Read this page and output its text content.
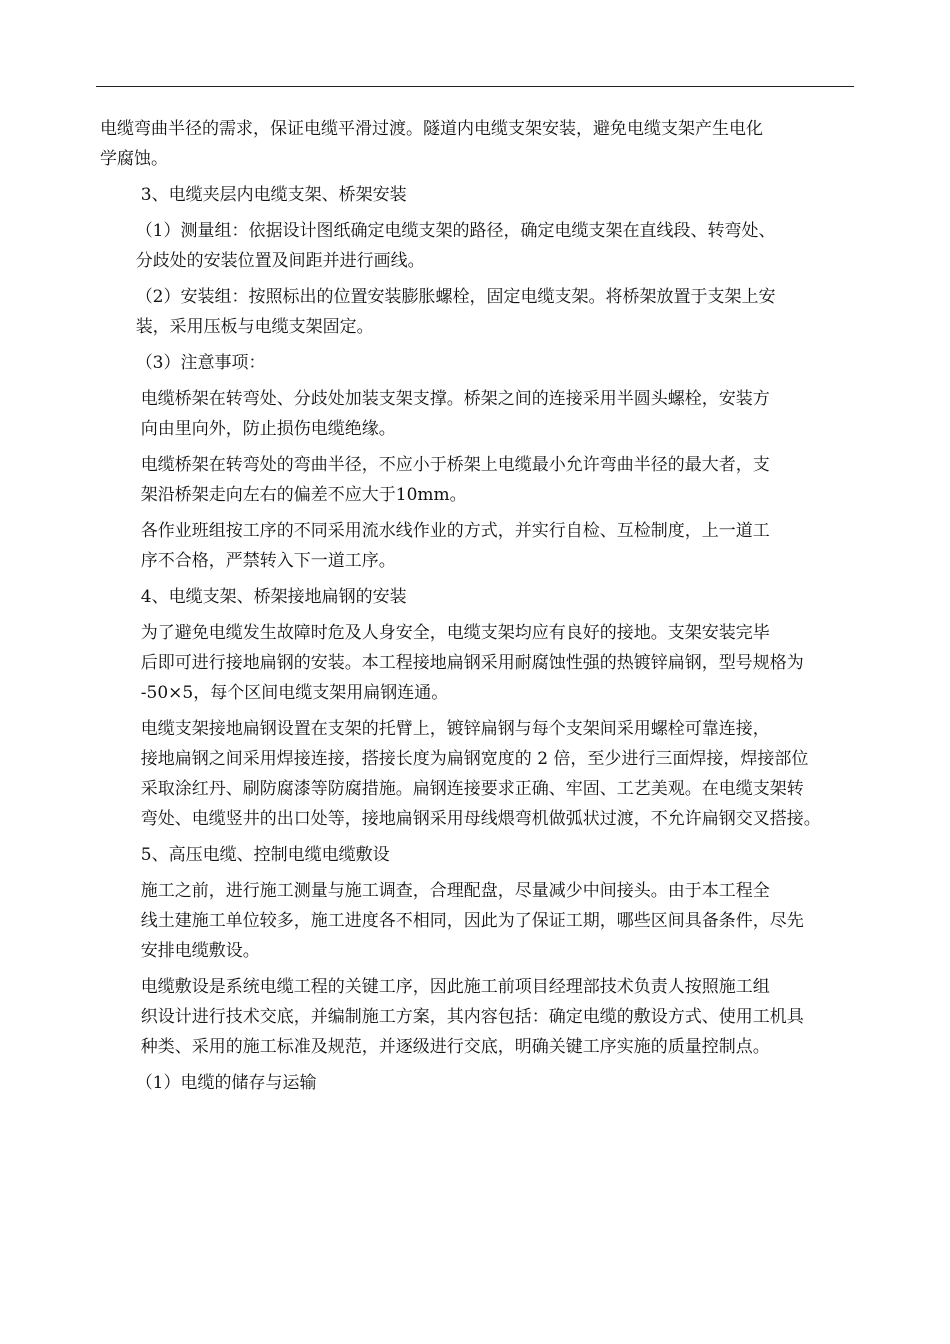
电缆弯曲半径的需求，保证电缆平滑过渡。隧道内电缆支架安装，避免电缆支架产生电化
学腐蚀。

3、电缆夹层内电缆支架、桥架安装

（1）测量组：依据设计图纸确定电缆支架的路径，确定电缆支架在直线段、转弯处、
分歧处的安装位置及间距并进行画线。

（2）安装组：按照标出的位置安装膨胀螺栓，固定电缆支架。将桥架放置于支架上安
装，采用压板与电缆支架固定。

（3）注意事项：

电缆桥架在转弯处、分歧处加装支架支撑。桥架之间的连接采用半圆头螺栓，安装方
向由里向外，防止损伤电缆绝缘。

电缆桥架在转弯处的弯曲半径，不应小于桥架上电缆最小允许弯曲半径的最大者，支
架沿桥架走向左右的偏差不应大于10mm。

各作业班组按工序的不同采用流水线作业的方式，并实行自检、互检制度，上一道工
序不合格，严禁转入下一道工序。

4、电缆支架、桥架接地扁钢的安装

为了避免电缆发生故障时危及人身安全，电缆支架均应有良好的接地。支架安装完毕
后即可进行接地扁钢的安装。本工程接地扁钢采用耐腐蚀性强的热镀锌扁钢，型号规格为
-50×5，每个区间电缆支架用扁钢连通。

电缆支架接地扁钢设置在支架的托臂上，镀锌扁钢与每个支架间采用螺栓可靠连接，
接地扁钢之间采用焊接连接，搭接长度为扁钢宽度的 2 倍，至少进行三面焊接，焊接部位
采取涂红丹、刷防腐漆等防腐措施。扁钢连接要求正确、牢固、工艺美观。在电缆支架转
弯处、电缆竖井的出口处等，接地扁钢采用母线煨弯机做弧状过渡，不允许扁钢交叉搭接。

5、高压电缆、控制电缆电缆敷设

施工之前，进行施工测量与施工调查，合理配盘，尽量减少中间接头。由于本工程全
线土建施工单位较多，施工进度各不相同，因此为了保证工期，哪些区间具备条件，尽先
安排电缆敷设。

电缆敷设是系统电缆工程的关键工序，因此施工前项目经理部技术负责人按照施工组
织设计进行技术交底，并编制施工方案，其内容包括：确定电缆的敷设方式、使用工机具
种类、采用的施工标准及规范，并逐级进行交底，明确关键工序实施的质量控制点。

（1）电缆的储存与运输
